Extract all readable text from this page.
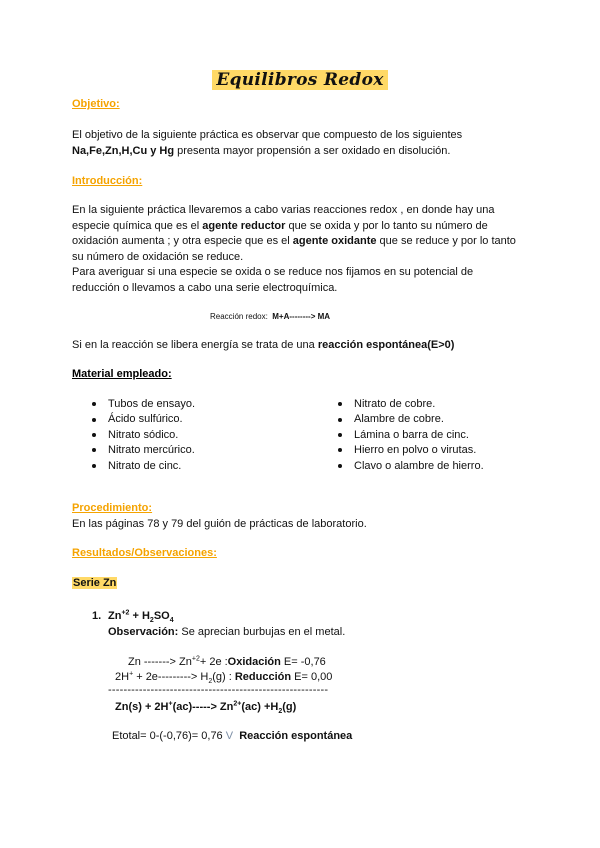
Equilibros Redox
Objetivo:
El objetivo de la siguiente práctica es observar que compuesto de los siguientes
Na,Fe,Zn,H,Cu y Hg presenta mayor propensión a ser oxidado en disolución.
Introducción:
En la siguiente práctica llevaremos a cabo varias reacciones redox , en donde hay una
especie química que es el agente reductor que se oxida y por lo tanto su número de
oxidación aumenta ; y otra especie que es el agente oxidante que se reduce y por lo tanto
su número de oxidación se reduce.
Para averiguar si una especie se oxida o se reduce nos fijamos en su potencial de
reducción o llevamos a cabo una serie electroquímica.
Reacción redox: M+A--------> MA
Si en la reacción se libera energía se trata de una reacción espontánea(E>0)
Material empleado:
Tubos de ensayo.
Ácido sulfúrico.
Nitrato sódico.
Nitrato mercúrico.
Nitrato de cinc.
Nitrato de cobre.
Alambre de cobre.
Lámina o barra de cinc.
Hierro en polvo o virutas.
Clavo o alambre de hierro.
Procedimiento:
En las páginas 78 y 79 del guión de prácticas de laboratorio.
Resultados/Observaciones:
Serie Zn
1. $Zn^{+2} + H_2SO_4$
Observación: Se aprecian burbujas en el metal.
Zn -------> $Zn^{+2}+ 2e$ :Oxidación E= -0,76
$2H^+ + 2e---------> H_2(g)$ : Reducción E= 0,00
---------------------------------------------------------
$Zn(s) + 2H^+(ac)-----> Zn^{2+}(ac) +H_2(g)$
Etotal= 0-(-0,76)= 0,76 V Reacción espontánea
